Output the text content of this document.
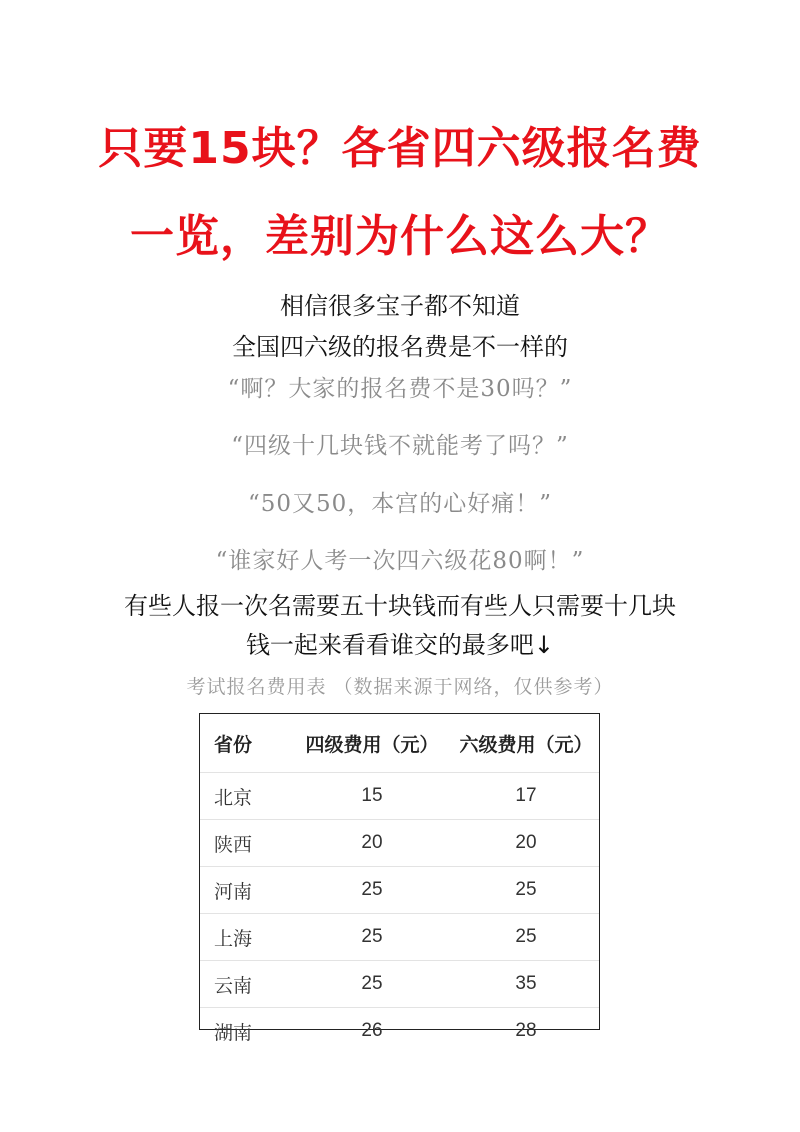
只要15块？各省四六级报名费
一览，差别为什么这么大？
相信很多宝子都不知道
全国四六级的报名费是不一样的
“啊？大家的报名费不是30吗？”
“四级十几块钱不就能考了吗？”
“50又50，本宫的心好痛！”
“谁家好人考一次四六级花80啊！”
有些人报一次名需要五十块钱而有些人只需要十几块
钱一起来看看谁交的最多吧↓
考试报名费用表 （数据来源于网络，仅供参考）
省份	四级费用（元）	六级费用（元）
北京	15	17
陕西	20	20
河南	25	25
上海	25	25
云南	25	35
湖南	26	28
